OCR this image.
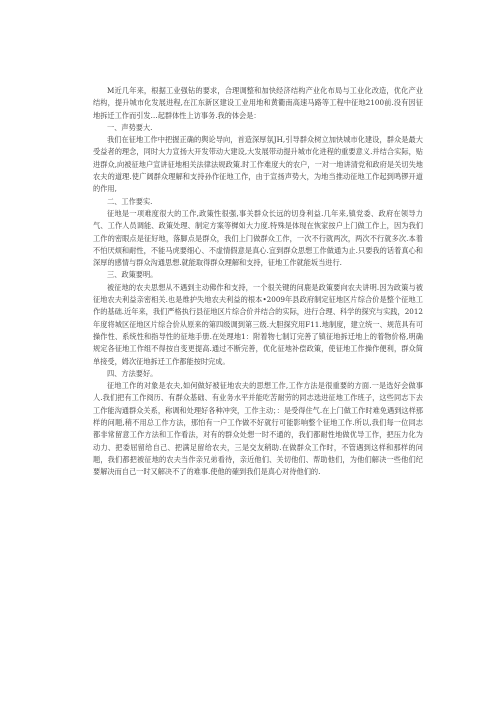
M近几年来，根据工业强钻的要求，合理调整和加快经济结构产业化布局与工业化改造，优化产业结构，提升城市化发展进程,在江东新区建设工业用地和黄衢南高速马路等工程中征地2100前.没有因征地拆迁工作而引发…起群体性上访事务.我的体会是：

一、声势要大.

我们在征地工作中把握正确的舆论导向，首造深厚氛JH,引导群众树立加快城市化建设，群众是最大受益者的理念，同时大力宣扬大开发带动大建设,大发展带动提升城市化进程的重要意义.并结合实际，贴进群众,向被征地户宣讲征地相关法律法规政策.时工作难度大的农户，一对一地讲清党和政府是关切失地农夫的道理.使广阔群众理解和支持孙作征地工作，由于宣扬声势大，为地当推动征地工作起到鸣锣开道的作用,

二、工作要实.

征地是一项难度很大的工作,政策性很强,事关群众长远的切身利益.几年来,镇党委、政府在领导力气、工作人员调能、政策处理、制定方案等樨如大力度.特殊是体现在恢家按户上门做工作上，因为我们工作的密眼点是征好地，落脚点是群众，我们上门做群众工作，一次不行就两次，两次不行就多次.本着不怕厌烦和耐性，不能马虎要细心、不虚情假意是真心.宜到群众思想工作做通为止.只要我的话着真心和深厚的感情与群众沟通思想.就能取得群众理解和支持，征地工作就能坂当进行.

三、政策要明。

被征地的农夫思想从不遇到主动佛作和支持，一个很关键的问鹿是政策要向农夫讲明.因为政策与被征地农夫利益亲密相关.也是维护失地农夫利益的根本•2009年县政府制定征地区片综合价是整个征地工作的基础.近年来，我们严格执行县征地区片综合价并结合的实际，进行合理、科学的探究与实践，2012年度将城区征地区片综合价从原来的第四级调到第三级.大胆探究用F11.地制度，建立统一、规范具有可操作性、系统性和指导性的征地手册.在处理地1：附着物七制订完善了镇征地拆迁地上的着物价格,明确规定各征地工作组不得按自变更提高.通过不断完善，优化征地补偿政策，使征地工作操作便利，群众简单接受，姆次征地拆迁工作都能按时完成。

四、方法要好。

征地工作的对象是农夫,如何做好被征地农夫的思想工作,工作方法是很重要的方面.一是选好会做事人.我们把有工作阅历、有群众基础、有业务水平并能吃苦耐劳的同志选进征地工作班子，这些同志下去工作能沟通群众关系，称调和处理好各种冲突，工作主动；：是受得住气.在上门做工作时难免遇到这样那样的问题,稍不用总工作方法，那怕有一户工作做不好就行可能影响整个征地工作.所以,我们每一位同志都非常留意工作方法和工作看法，对有的群众处想一时不通的，我们都耐性地做优导工作，把压力化为动力、把委屈留给自己、把满足留给农夫，三是交友稍助.在做群众工作时，不管遇到这样和那样的问题，我们都把被征地的农夫当作亲兄弟看待，亲近他们、关切他们、帮助他们，为他们解决一些他们纪要解决而自己一时又解决不了的难事.使他的確到我们是真心对待他们的.
